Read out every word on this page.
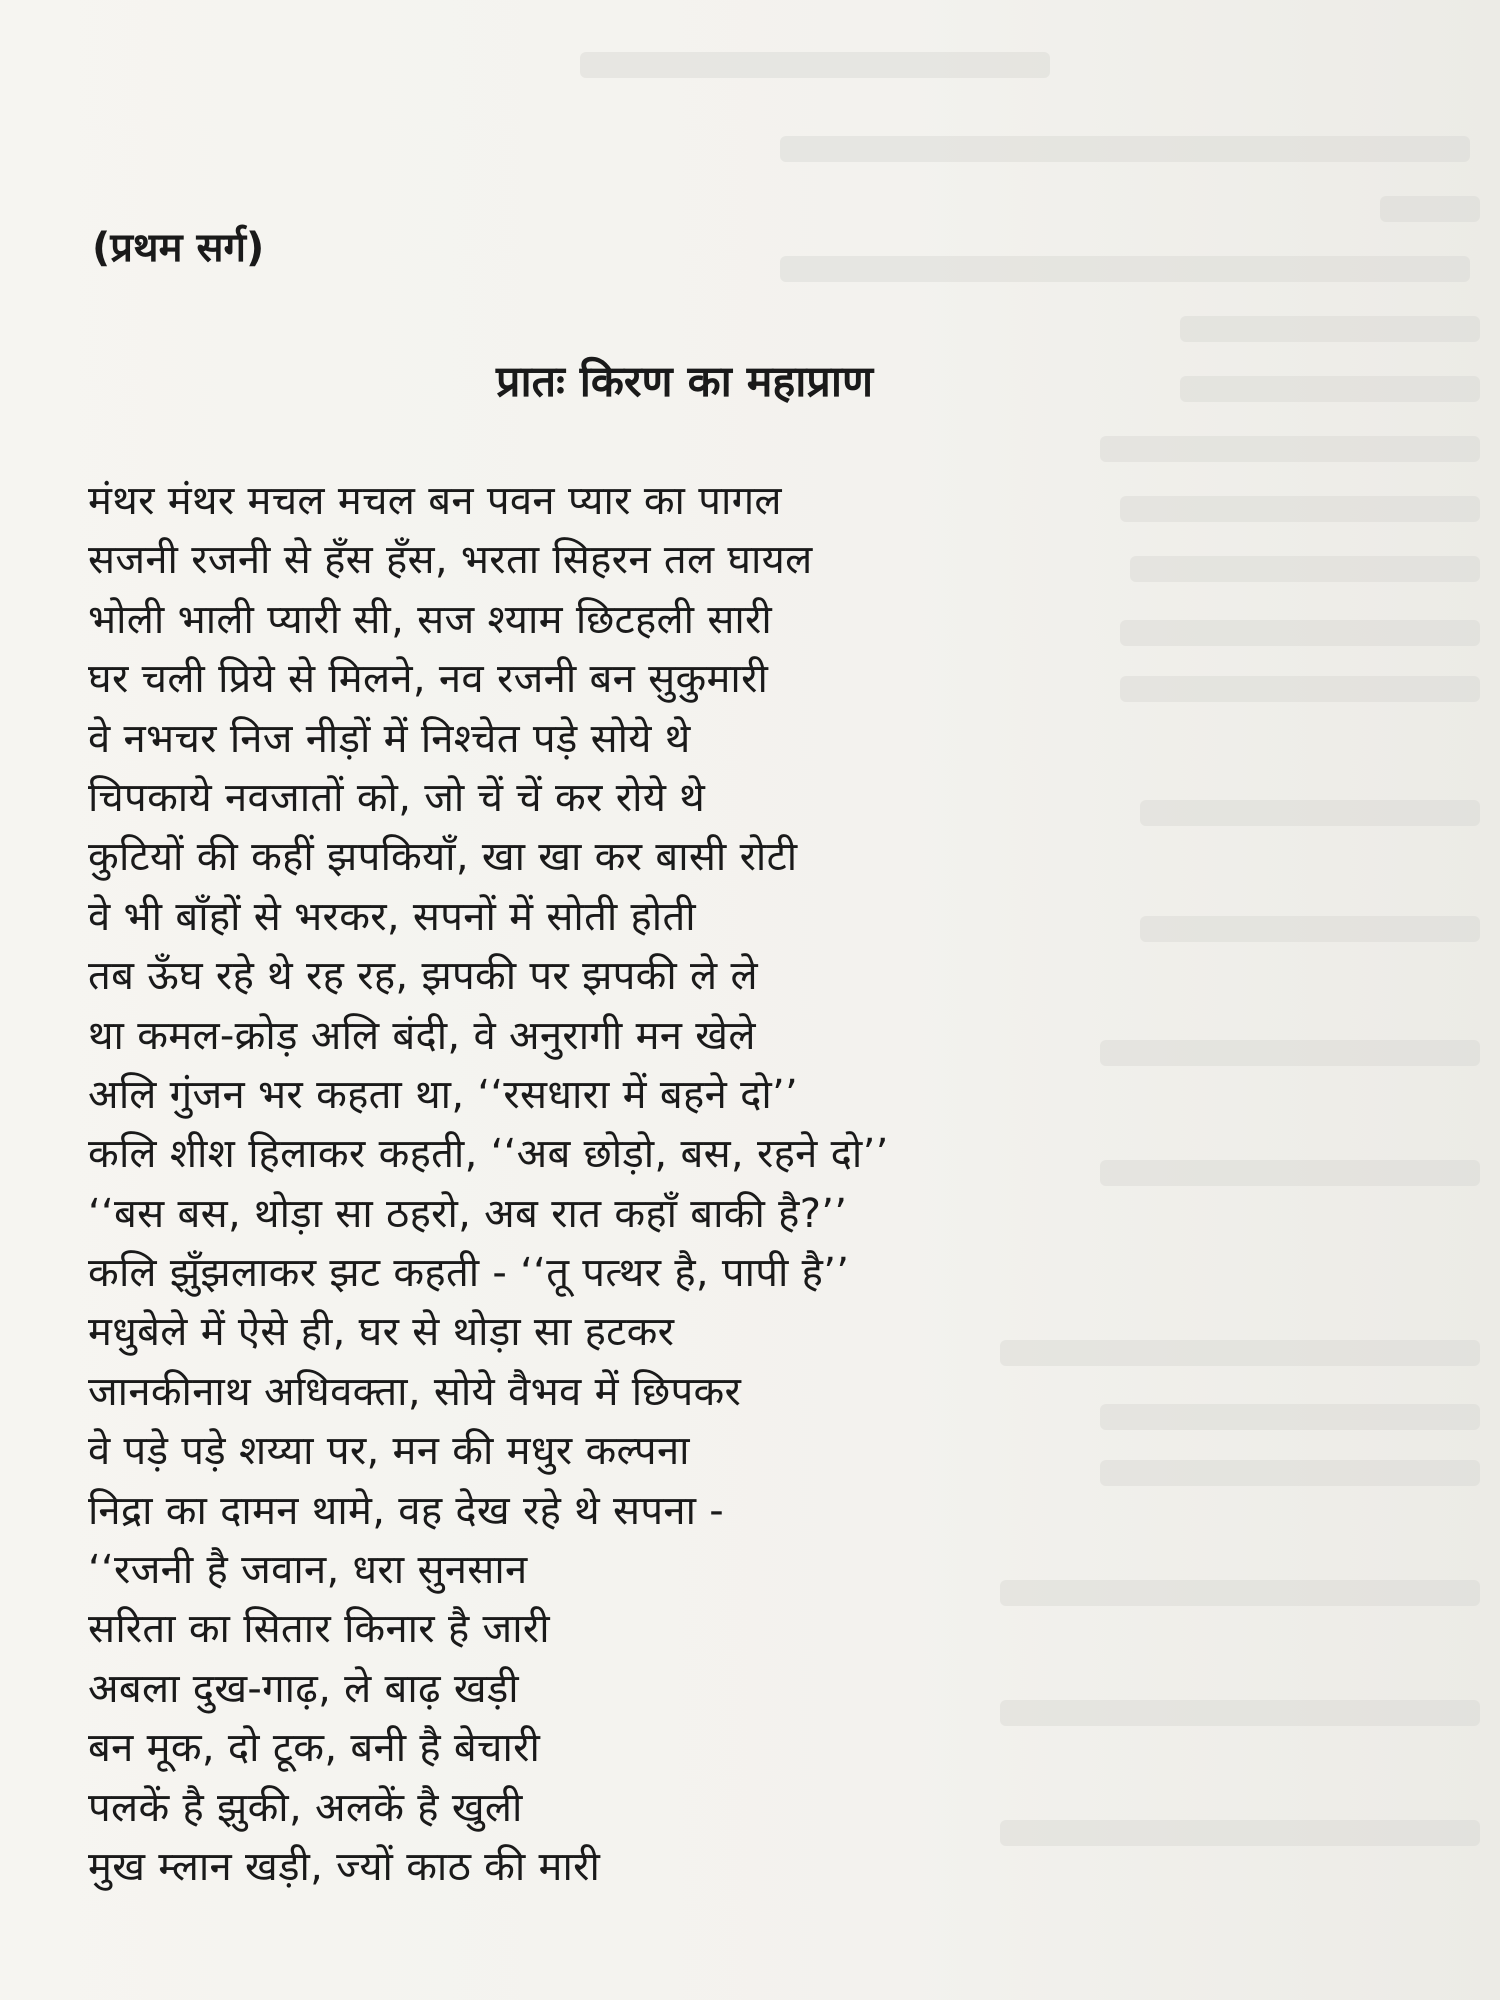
(प्रथम सर्ग)
प्रातः किरण का महाप्राण
मंथर मंथर मचल मचल बन पवन प्यार का पागल
सजनी रजनी से हँस हँस, भरता सिहरन तल घायल
भोली भाली प्यारी सी, सज श्याम छिटहली सारी
घर चली प्रिये से मिलने, नव रजनी बन सुकुमारी
वे नभचर निज नीड़ों में निश्चेत पड़े सोये थे
चिपकाये नवजातों को, जो चें चें कर रोये थे
कुटियों की कहीं झपकियाँ, खा खा कर बासी रोटी
वे भी बाँहों से भरकर, सपनों में सोती होती
तब ऊँघ रहे थे रह रह, झपकी पर झपकी ले ले
था कमल-क्रोड़ अलि बंदी, वे अनुरागी मन खेले
अलि गुंजन भर कहता था, ‘‘रसधारा में बहने दो’’
कलि शीश हिलाकर कहती, ‘‘अब छोड़ो, बस, रहने दो’’
‘‘बस बस, थोड़ा सा ठहरो, अब रात कहाँ बाकी है?’’
कलि झुँझलाकर झट कहती - ‘‘तू पत्थर है, पापी है’’
मधुबेले में ऐसे ही, घर से थोड़ा सा हटकर
जानकीनाथ अधिवक्ता, सोये वैभव में छिपकर
वे पड़े पड़े शय्या पर, मन की मधुर कल्पना
निद्रा का दामन थामे, वह देख रहे थे सपना -
‘‘रजनी है जवान, धरा सुनसान
सरिता का सितार किनार है जारी
अबला दुख-गाढ़, ले बाढ़ खड़ी
बन मूक, दो टूक, बनी है बेचारी
पलकें है झुकी, अलकें है खुली
मुख म्लान खड़ी, ज्यों काठ की मारी
